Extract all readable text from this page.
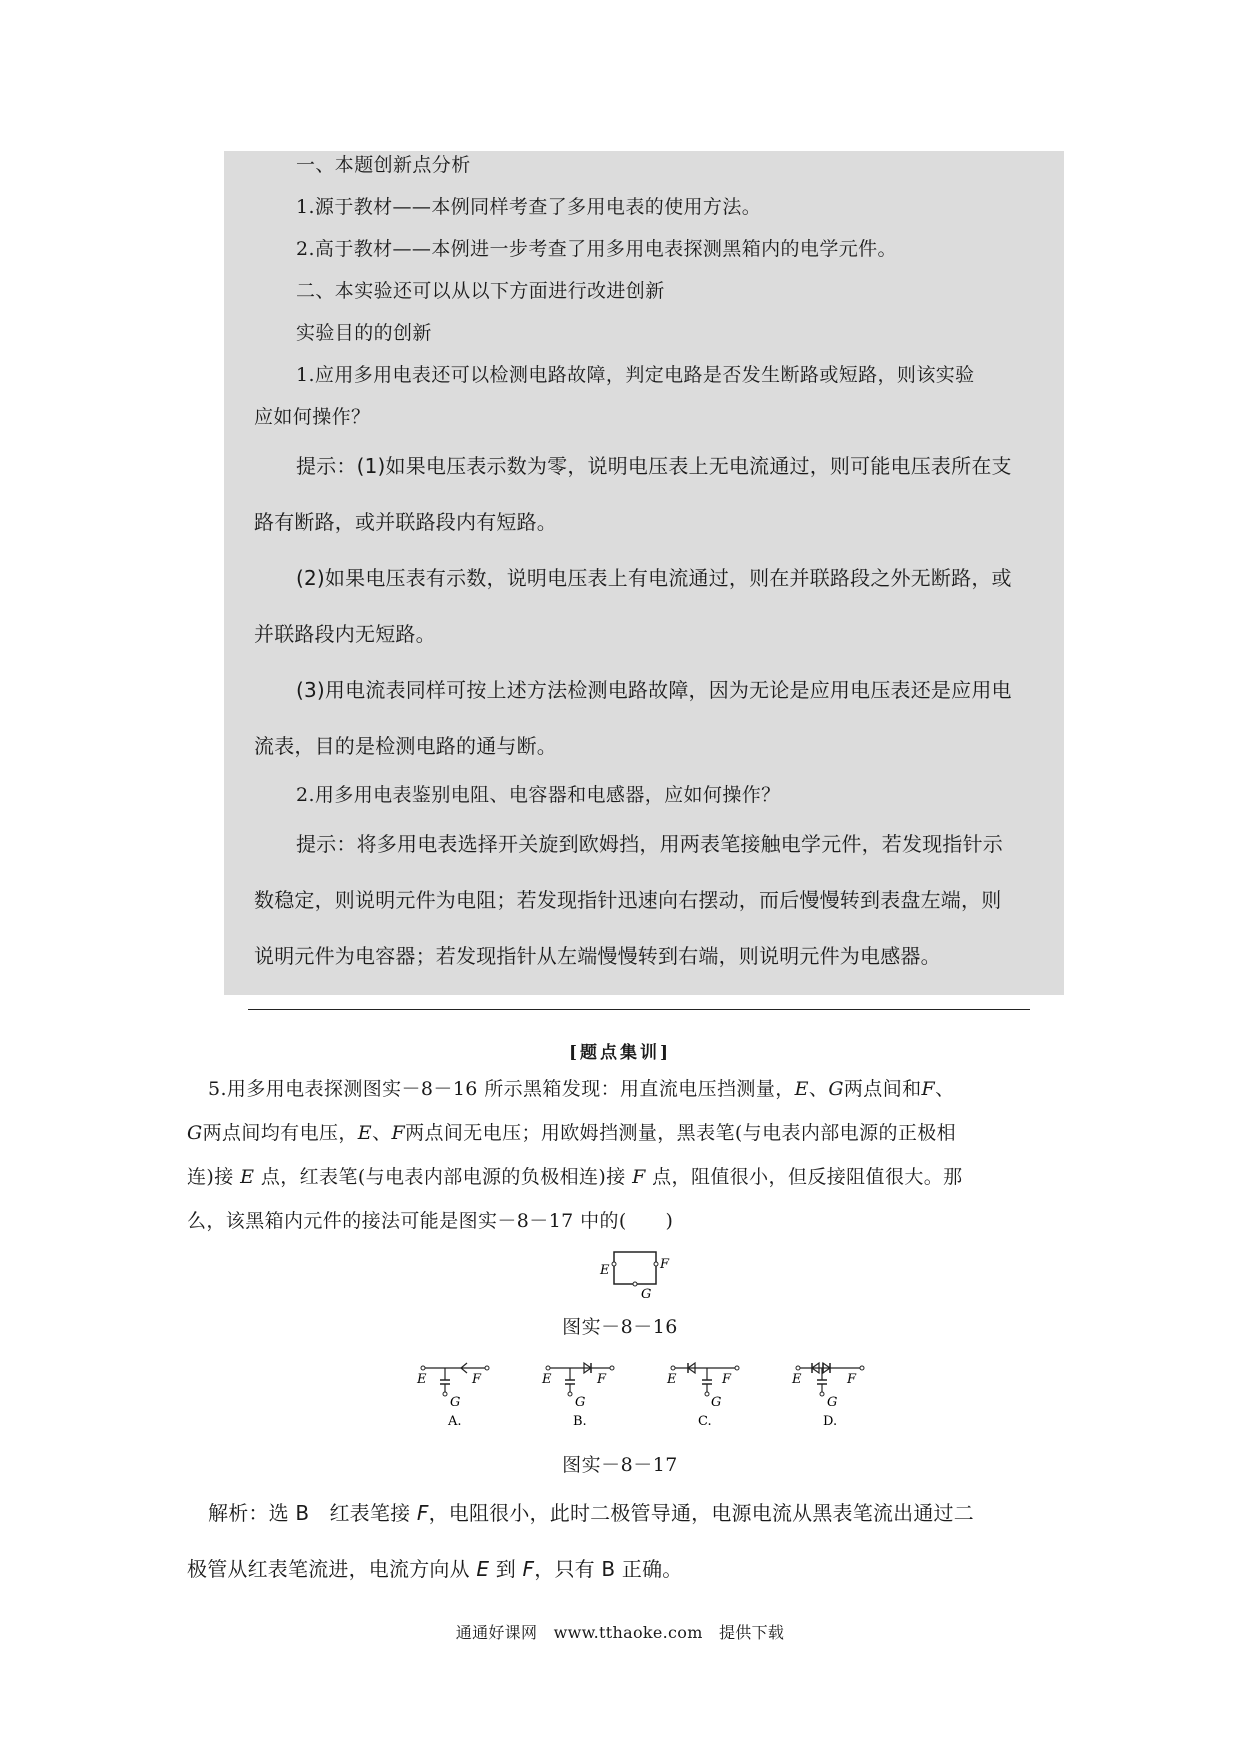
一、本题创新点分析

1.源于教材——本例同样考查了多用电表的使用方法。

2.高于教材——本例进一步考查了用多用电表探测黑箱内的电学元件。

二、本实验还可以从以下方面进行改进创新

实验目的的创新

1.应用多用电表还可以检测电路故障，判定电路是否发生断路或短路，则该实验

应如何操作？

提示：(1)如果电压表示数为零，说明电压表上无电流通过，则可能电压表所在支

路有断路，或并联路段内有短路。

(2)如果电压表有示数，说明电压表上有电流通过，则在并联路段之外无断路，或

并联路段内无短路。

(3)用电流表同样可按上述方法检测电路故障，因为无论是应用电压表还是应用电

流表，目的是检测电路的通与断。

2.用多用电表鉴别电阻、电容器和电感器，应如何操作？

提示：将多用电表选择开关旋到欧姆挡，用两表笔接触电学元件，若发现指针示

数稳定，则说明元件为电阻；若发现指针迅速向右摆动，而后慢慢转到表盘左端，则

说明元件为电容器；若发现指针从左端慢慢转到右端，则说明元件为电感器。

[题点集训]

5.用多用电表探测图实－8－16 所示黑箱发现：用直流电压挡测量，E、G两点间和F、

G两点间均有电压，E、F两点间无电压；用欧姆挡测量，黑表笔(与电表内部电源的正极相

连)接 E 点，红表笔(与电表内部电源的负极相连)接 F 点，阻值很小，但反接阻值很大。那

么，该黑箱内元件的接法可能是图实－8－17 中的(　　)

E	F
G
图实－8－16
E	F
G
A.
E	F
G
B.
E	F
G
C.
E	F
G
D.
图实－8－17

解析：选 B　红表笔接 F，电阻很小，此时二极管导通，电源电流从黑表笔流出通过二

极管从红表笔流进，电流方向从 E 到 F，只有 B 正确。

通通好课网　www.tthaoke.com　提供下载
